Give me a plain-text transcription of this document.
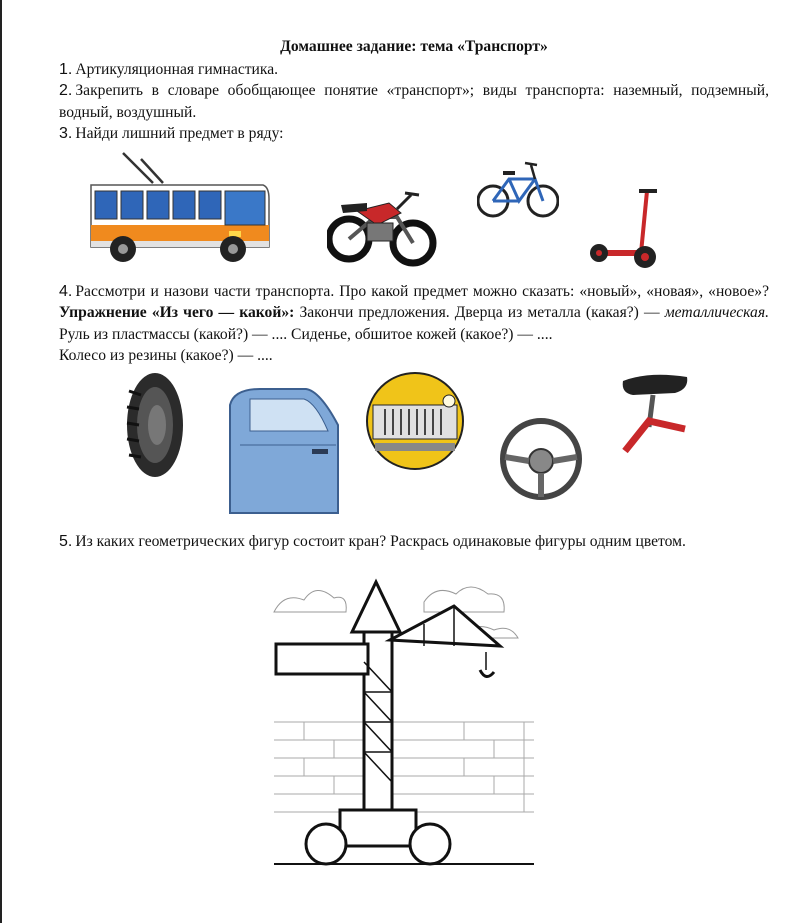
Домашнее задание: тема «Транспорт»

1. Артикуляционная гимнастика.

2. Закрепить в словаре обобщающее понятие «транспорт»; виды транспорта: наземный, подземный, водный, воздушный.

3. Найди лишний предмет в ряду:

4. Рассмотри и назови части транспорта. Про какой предмет можно сказать: «новый», «новая», «новое»? Упражнение «Из чего — какой»: Закончи предложения. Дверца из металла (какая?) — металлическая. Руль из пластмассы (какой?) — .... Сиденье, обшитое кожей (какое?) — ....

Колесо из резины (какое?) — ....

5. Из каких геометрических фигур состоит кран? Раскрась одинаковые фигуры одним цветом.
